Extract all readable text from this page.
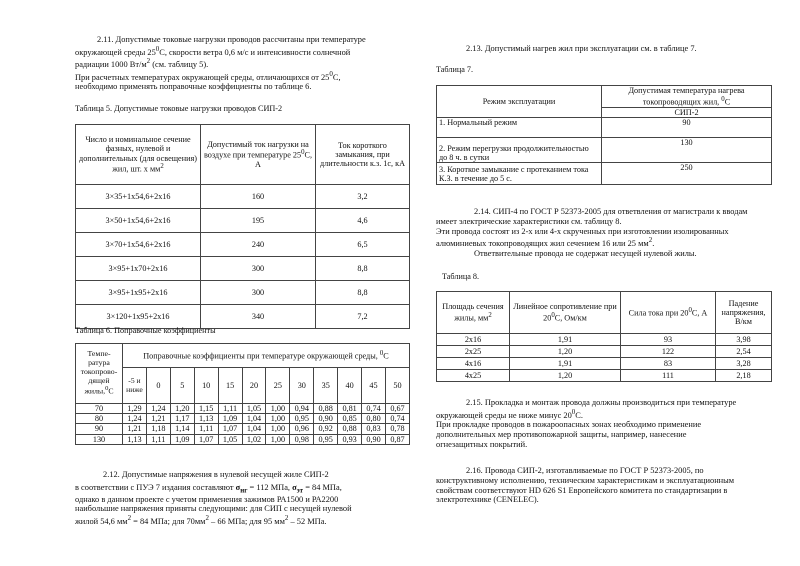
2.11. Допустимые токовые нагрузки проводов рассчитаны при температуре

окружающей среды $25^0С$, скорости ветра 0,6 м/с и интенсивности солнечной

радиации 1000 $Вт/м^2$ (см. таблицу 5).

При расчетных температурах окружающей среды, отличающихся от $25^0С$,

необходимо применять поправочные коэффициенты по таблице 6.

Таблица 5. Допустимые токовые нагрузки проводов СИП-2

Число и номинальное сечение фазных, нулевой и дополнительных (для освещения) жил, шт. х $мм^2$	Допустимый ток нагрузки на воздухе при температуре $25^0С$, А	Ток короткого замыкания, при длительности к.з. 1с, кА
3×35+1х54,6+2х16	160	3,2
3×50+1х54,6+2х16	195	4,6
3×70+1х54,6+2х16	240	6,5
3×95+1х70+2х16	300	8,8
3×95+1х95+2х16	300	8,8
3×120+1х95+2х16	340	7,2

Таблица 6. Поправочные коэффициенты

Темпе-ратура токопрово-дящей жилы,$^0$С	Поправочные коэффициенты при температуре окружающей среды, $^0$С											
	-5 и ниже	0	5	10	15	20	25	30	35	40	45	50
70	1,29	1,24	1,20	1,15	1,11	1,05	1,00	0,94	0,88	0,81	0,74	0,67
80	1,24	1,21	1,17	1,13	1,09	1,04	1,00	0,95	0,90	0,85	0,80	0,74
90	1,21	1,18	1,14	1,11	1,07	1,04	1,00	0,96	0,92	0,88	0,83	0,78
130	1,13	1,11	1,09	1,07	1,05	1,02	1,00	0,98	0,95	0,93	0,90	0,87

2.12. Допустимые напряжения в нулевой несущей жиле СИП-2

в соответствии с ПУЭ 7 издания составляют $\sigma_{нг} = 112$ МПа, $\sigma_{эт} = 84$ МПа,

однако в данном проекте с учетом применения зажимов РА1500 и РА2200

наибольшие напряжения приняты следующими: для СИП с несущей нулевой

жилой 54,6 $мм^2 = 84$ МПа; для $70мм^2 - 66$ МПа; для 95 $мм^2 - 52$ МПа.

2.13. Допустимый нагрев жил при эксплуатации см. в таблице 7.

Таблица 7.

Режим эксплуатации	Допустимая температура нагрева токопроводящих жил, $^0$С
	СИП-2
1. Нормальный режим	90
2. Режим перегрузки продолжительностью до 8 ч. в сутки	130
3. Короткое замыкание с протеканием тока К.З. в течение до 5 с.	250

2.14. СИП-4 по ГОСТ Р 52373-2005 для ответвления от магистрали к вводам

имеет электрические характеристики см. таблицу 8.

Эти провода состоят из 2-х или 4-х скрученных при изготовлении изолированных

алюминиевых токопроводящих жил сечением 16 или 25 $мм^2$.

Ответвительные провода не содержат несущей нулевой жилы.

Таблица 8.

Площадь сечения жилы, $мм^2$	Линейное сопротивление при $20^0С$, Ом/км	Сила тока при $20^0С$, А	Падение напряжения, В/км
2х16	1,91	93	3,98
2х25	1,20	122	2,54
4х16	1,91	83	3,28
4х25	1,20	111	2,18

2.15. Прокладка и монтаж провода должны производиться при температуре

окружающей среды не ниже минус $20^0С$.

При прокладке проводов в пожароопасных зонах необходимо применение

дополнительных мер противопожарной защиты, например, нанесение

огнезащитных покрытий.

2.16. Провода СИП-2, изготавливаемые по ГОСТ Р 52373-2005, по

конструктивному исполнению, техническим характеристикам и эксплуатационным

свойствам соответствуют HD 626 S1 Европейского комитета по стандартизации в

электротехнике (CENELEC).
